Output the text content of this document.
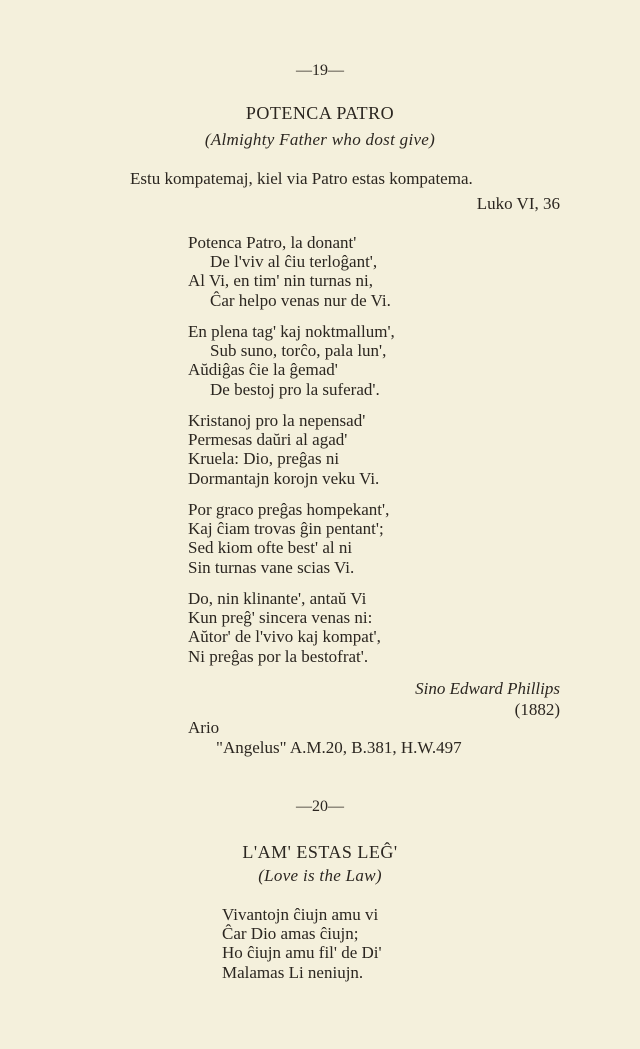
—19—
POTENCA PATRO
(Almighty Father who dost give)
Estu kompatemaj, kiel via Patro estas kompatema.
Luko VI, 36
Potenca Patro, la donant'
De l'viv al ĉiu terloĝant',
Al Vi, en tim' nin turnas ni,
Ĉar helpo venas nur de Vi.
En plena tag' kaj noktmallum',
Sub suno, torĉo, pala lun',
Aŭdiĝas ĉie la ĝemad'
De bestoj pro la suferad'.
Kristanoj pro la nepensad'
Permesas daŭri al agad'
Kruela: Dio, preĝas ni
Dormantajn korojn veku Vi.
Por graco preĝas hompekant',
Kaj ĉiam trovas ĝin pentant';
Sed kiom ofte best' al ni
Sin turnas vane scias Vi.
Do, nin klinante', antaŭ Vi
Kun preĝ' sincera venas ni:
Aŭtor' de l'vivo kaj kompat',
Ni preĝas por la bestofrat'.
Sino Edward Phillips
(1882)
Ario
"Angelus" A.M.20, B.381, H.W.497
—20—
L'AM' ESTAS LEĜ'
(Love is the Law)
Vivantojn ĉiujn amu vi
Ĉar Dio amas ĉiujn;
Ho ĉiujn amu fil' de Di'
Malamas Li neniujn.
